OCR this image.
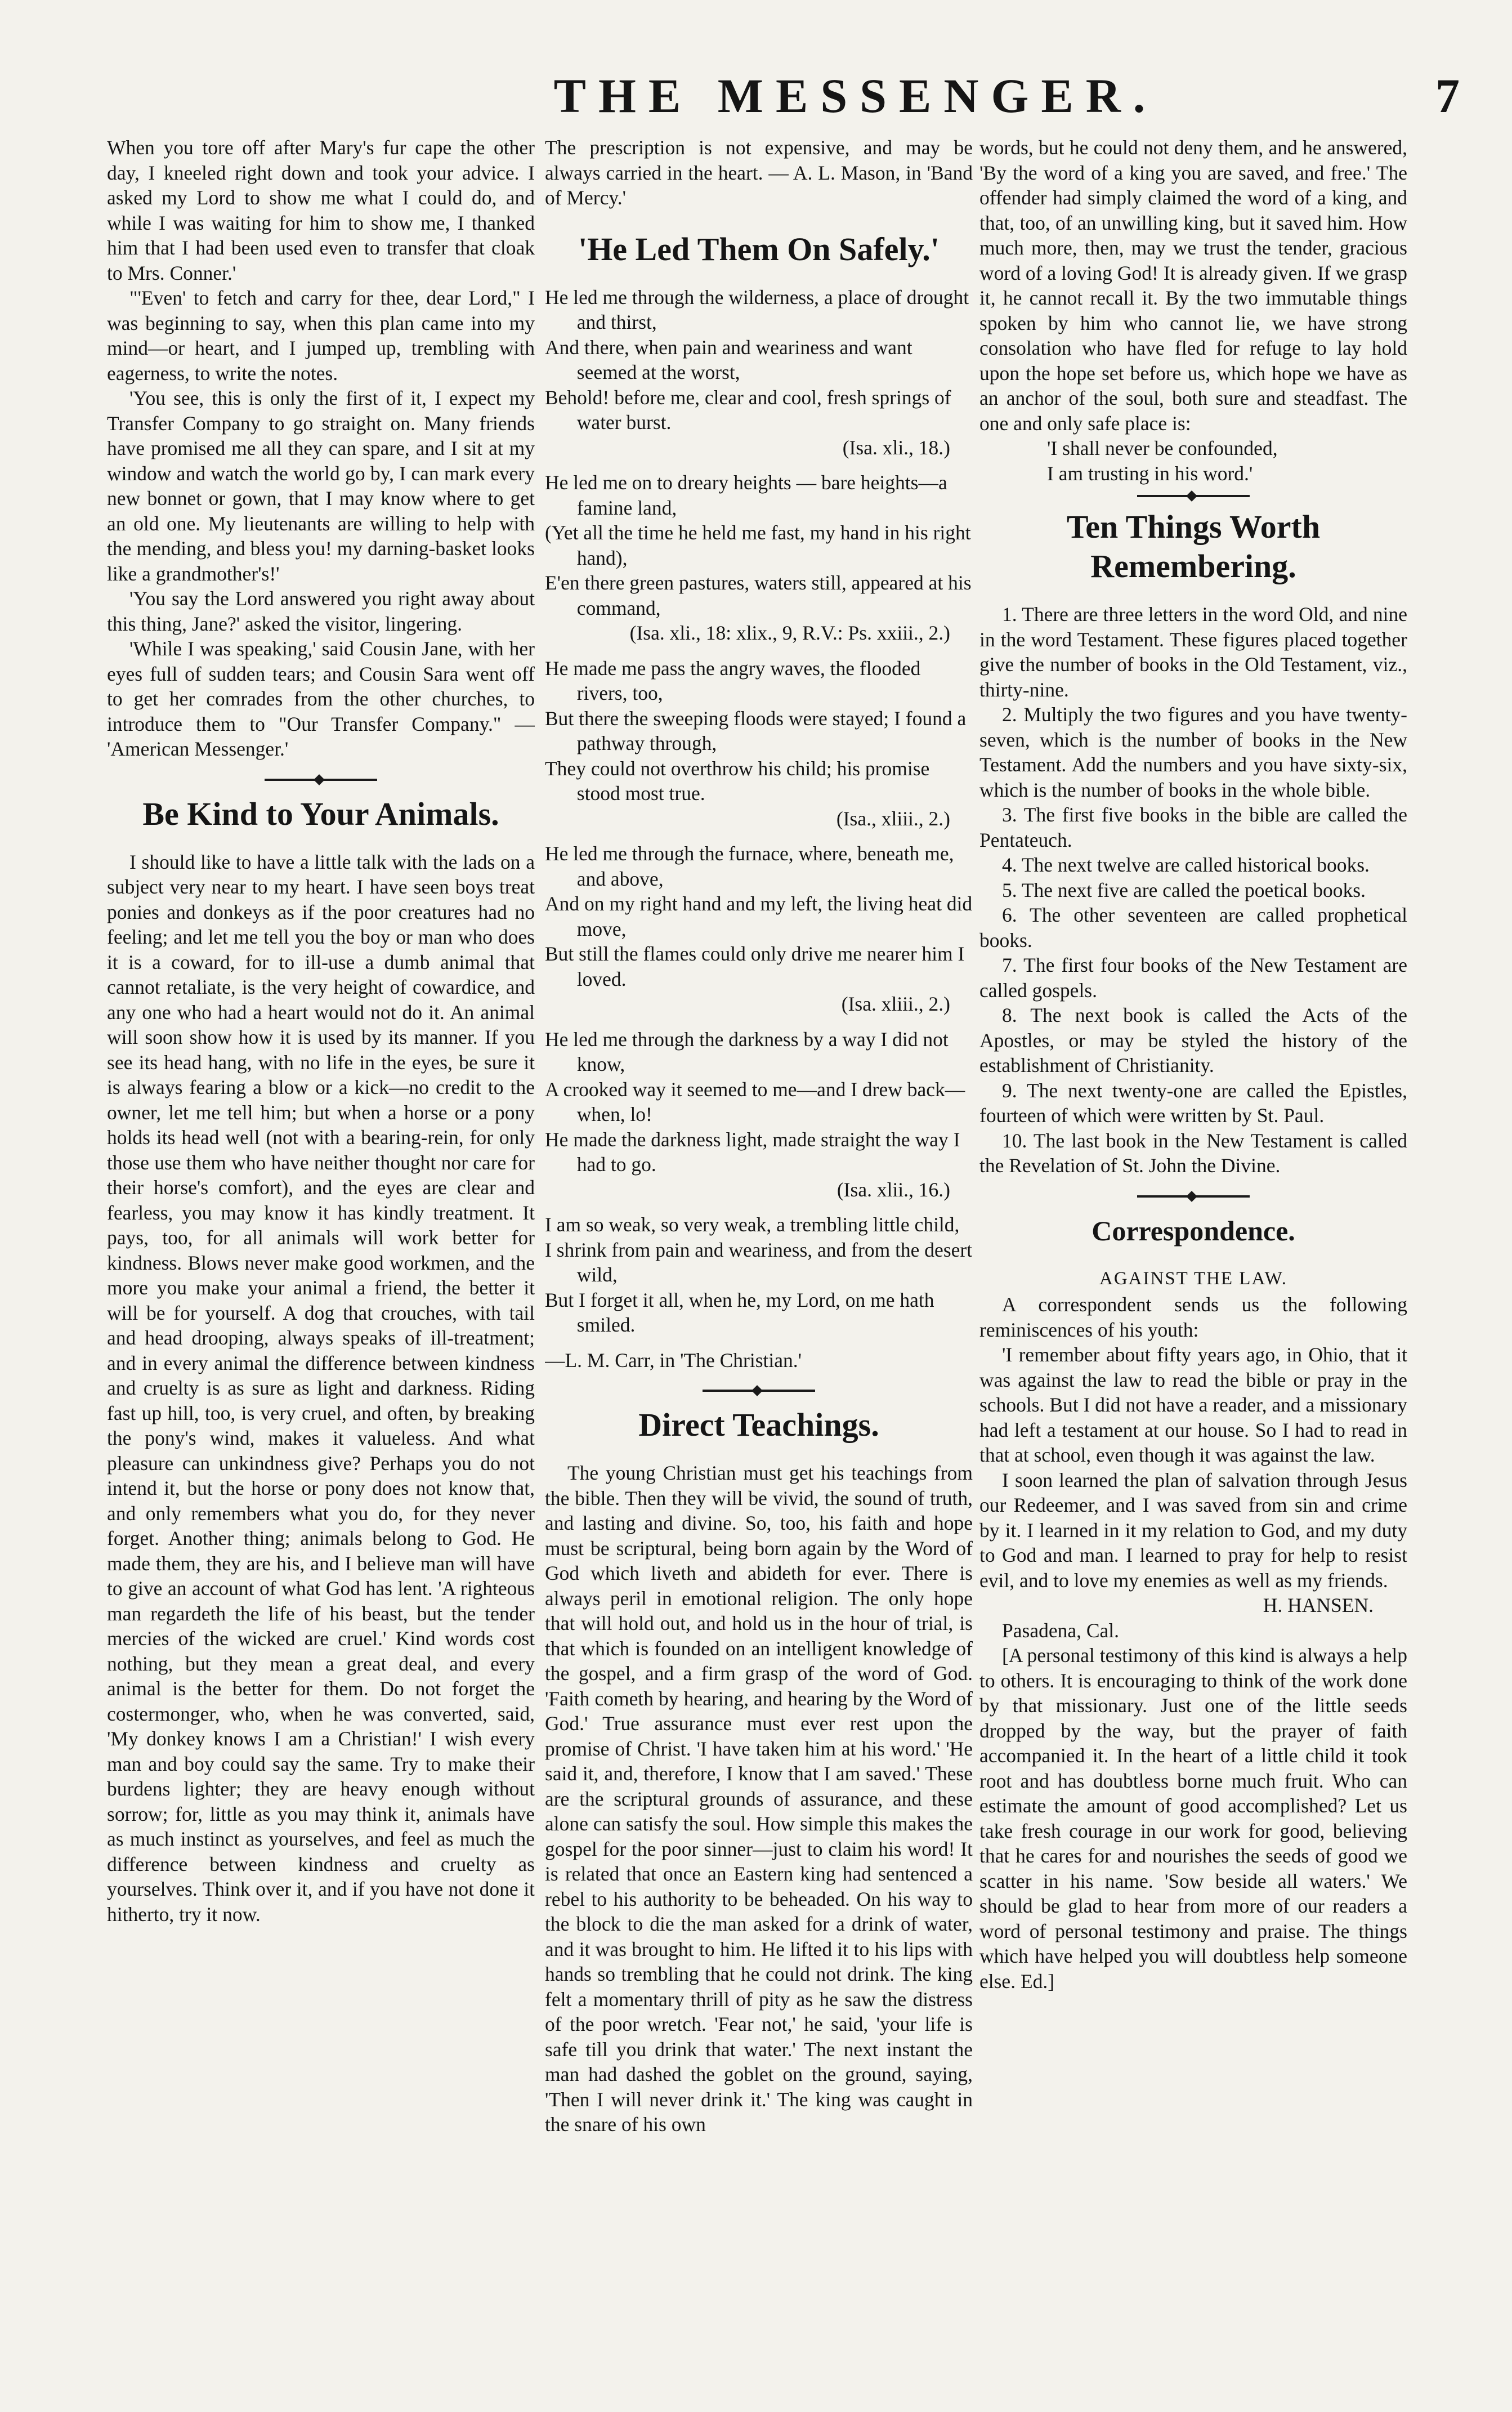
THE MESSENGER.	7

When you tore off after Mary's fur cape the other day, I kneeled right down and took your advice. I asked my Lord to show me what I could do, and while I was waiting for him to show me, I thanked him that I had been used even to transfer that cloak to Mrs. Conner.'

"'Even' to fetch and carry for thee, dear Lord," I was beginning to say, when this plan came into my mind—or heart, and I jumped up, trembling with eagerness, to write the notes.

'You see, this is only the first of it, I expect my Transfer Company to go straight on. Many friends have promised me all they can spare, and I sit at my window and watch the world go by, I can mark every new bonnet or gown, that I may know where to get an old one. My lieutenants are willing to help with the mending, and bless you! my darning-basket looks like a grandmother's!'

'You say the Lord answered you right away about this thing, Jane?' asked the visitor, lingering.

'While I was speaking,' said Cousin Jane, with her eyes full of sudden tears; and Cousin Sara went off to get her comrades from the other churches, to introduce them to "Our Transfer Company." — 'American Messenger.'

Be Kind to Your Animals.

I should like to have a little talk with the lads on a subject very near to my heart. I have seen boys treat ponies and donkeys as if the poor creatures had no feeling; and let me tell you the boy or man who does it is a coward, for to ill-use a dumb animal that cannot retaliate, is the very height of cowardice, and any one who had a heart would not do it. An animal will soon show how it is used by its manner. If you see its head hang, with no life in the eyes, be sure it is always fearing a blow or a kick—no credit to the owner, let me tell him; but when a horse or a pony holds its head well (not with a bearing-rein, for only those use them who have neither thought nor care for their horse's comfort), and the eyes are clear and fearless, you may know it has kindly treatment. It pays, too, for all animals will work better for kindness. Blows never make good workmen, and the more you make your animal a friend, the better it will be for yourself. A dog that crouches, with tail and head drooping, always speaks of ill-treatment; and in every animal the difference between kindness and cruelty is as sure as light and darkness. Riding fast up hill, too, is very cruel, and often, by breaking the pony's wind, makes it valueless. And what pleasure can unkindness give? Perhaps you do not intend it, but the horse or pony does not know that, and only remembers what you do, for they never forget. Another thing; animals belong to God. He made them, they are his, and I believe man will have to give an account of what God has lent. 'A righteous man regardeth the life of his beast, but the tender mercies of the wicked are cruel.' Kind words cost nothing, but they mean a great deal, and every animal is the better for them. Do not forget the costermonger, who, when he was converted, said, 'My donkey knows I am a Christian!' I wish every man and boy could say the same. Try to make their burdens lighter; they are heavy enough without sorrow; for, little as you may think it, animals have as much instinct as yourselves, and feel as much the difference between kindness and cruelty as yourselves. Think over it, and if you have not done it hitherto, try it now.

The prescription is not expensive, and may be always carried in the heart. — A. L. Mason, in 'Band of Mercy.'

'He Led Them On Safely.'
He led me through the wilderness, a place of drought and thirst,
And there, when pain and weariness and want seemed at the worst,
Behold! before me, clear and cool, fresh springs of water burst.
(Isa. xli., 18.)
He led me on to dreary heights — bare heights—a famine land,
(Yet all the time he held me fast, my hand in his right hand),
E'en there green pastures, waters still, appeared at his command,
(Isa. xli., 18: xlix., 9, R.V.: Ps. xxiii., 2.)
He made me pass the angry waves, the flooded rivers, too,
But there the sweeping floods were stayed; I found a pathway through,
They could not overthrow his child; his promise stood most true.
(Isa., xliii., 2.)
He led me through the furnace, where, beneath me, and above,
And on my right hand and my left, the living heat did move,
But still the flames could only drive me nearer him I loved.
(Isa. xliii., 2.)
He led me through the darkness by a way I did not know,
A crooked way it seemed to me—and I drew back—when, lo!
He made the darkness light, made straight the way I had to go.
(Isa. xlii., 16.)
I am so weak, so very weak, a trembling little child,
I shrink from pain and weariness, and from the desert wild,
But I forget it all, when he, my Lord, on me hath smiled.
—L. M. Carr, in 'The Christian.'
Direct Teachings.

The young Christian must get his teachings from the bible. Then they will be vivid, the sound of truth, and lasting and divine. So, too, his faith and hope must be scriptural, being born again by the Word of God which liveth and abideth for ever. There is always peril in emotional religion. The only hope that will hold out, and hold us in the hour of trial, is that which is founded on an intelligent knowledge of the gospel, and a firm grasp of the word of God. 'Faith cometh by hearing, and hearing by the Word of God.' True assurance must ever rest upon the promise of Christ. 'I have taken him at his word.' 'He said it, and, therefore, I know that I am saved.' These are the scriptural grounds of assurance, and these alone can satisfy the soul. How simple this makes the gospel for the poor sinner—just to claim his word! It is related that once an Eastern king had sentenced a rebel to his authority to be beheaded. On his way to the block to die the man asked for a drink of water, and it was brought to him. He lifted it to his lips with hands so trembling that he could not drink. The king felt a momentary thrill of pity as he saw the distress of the poor wretch. 'Fear not,' he said, 'your life is safe till you drink that water.' The next instant the man had dashed the goblet on the ground, saying, 'Then I will never drink it.' The king was caught in the snare of his own

words, but he could not deny them, and he answered, 'By the word of a king you are saved, and free.' The offender had simply claimed the word of a king, and that, too, of an unwilling king, but it saved him. How much more, then, may we trust the tender, gracious word of a loving God! It is already given. If we grasp it, he cannot recall it. By the two immutable things spoken by him who cannot lie, we have strong consolation who have fled for refuge to lay hold upon the hope set before us, which hope we have as an anchor of the soul, both sure and steadfast. The one and only safe place is:

'I shall never be confounded,
I am trusting in his word.'
Ten Things Worth Remembering.

1. There are three letters in the word Old, and nine in the word Testament. These figures placed together give the number of books in the Old Testament, viz., thirty-nine.

2. Multiply the two figures and you have twenty-seven, which is the number of books in the New Testament. Add the numbers and you have sixty-six, which is the number of books in the whole bible.

3. The first five books in the bible are called the Pentateuch.

4. The next twelve are called historical books.

5. The next five are called the poetical books.

6. The other seventeen are called prophetical books.

7. The first four books of the New Testament are called gospels.

8. The next book is called the Acts of the Apostles, or may be styled the history of the establishment of Christianity.

9. The next twenty-one are called the Epistles, fourteen of which were written by St. Paul.

10. The last book in the New Testament is called the Revelation of St. John the Divine.

Correspondence.
AGAINST THE LAW.

A correspondent sends us the following reminiscences of his youth:

'I remember about fifty years ago, in Ohio, that it was against the law to read the bible or pray in the schools. But I did not have a reader, and a missionary had left a testament at our house. So I had to read in that at school, even though it was against the law.

I soon learned the plan of salvation through Jesus our Redeemer, and I was saved from sin and crime by it. I learned in it my relation to God, and my duty to God and man. I learned to pray for help to resist evil, and to love my enemies as well as my friends.

H. HANSEN.
Pasadena, Cal.

[A personal testimony of this kind is always a help to others. It is encouraging to think of the work done by that missionary. Just one of the little seeds dropped by the way, but the prayer of faith accompanied it. In the heart of a little child it took root and has doubtless borne much fruit. Who can estimate the amount of good accomplished? Let us take fresh courage in our work for good, believing that he cares for and nourishes the seeds of good we scatter in his name. 'Sow beside all waters.' We should be glad to hear from more of our readers a word of personal testimony and praise. The things which have helped you will doubtless help someone else. Ed.]
